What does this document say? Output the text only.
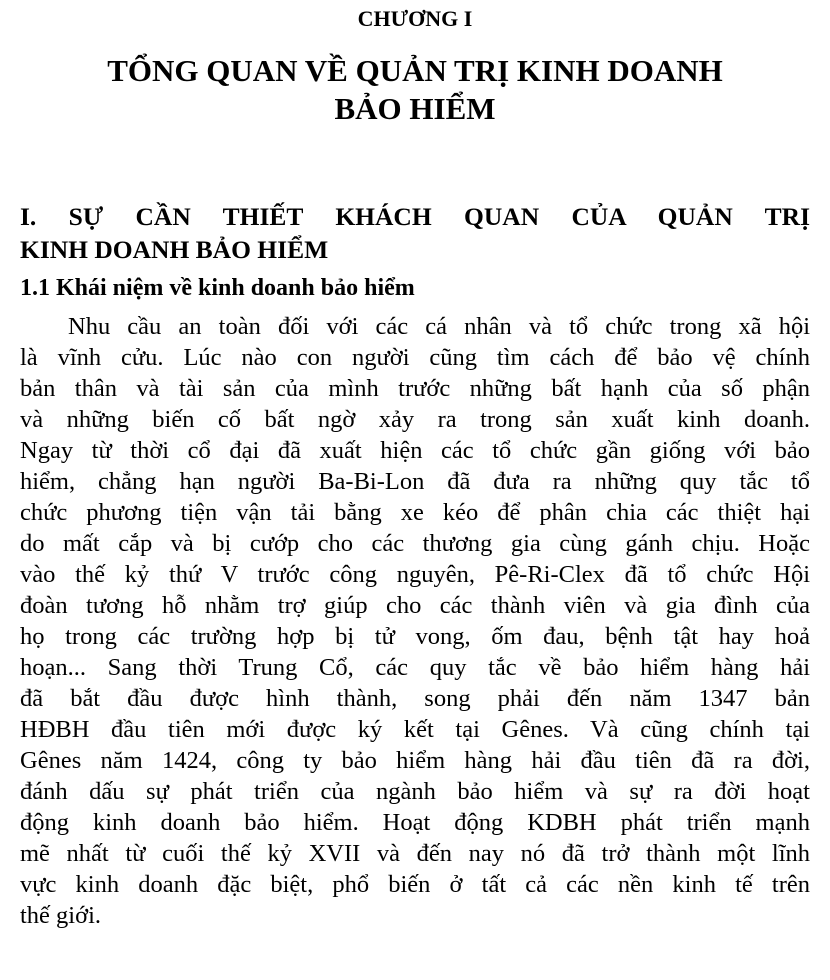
CHƯƠNG I
TỔNG QUAN VỀ QUẢN TRỊ KINH DOANH
BẢO HIỂM
I. SỰ CẦN THIẾT KHÁCH QUAN CỦA QUẢN TRỊ
KINH DOANH BẢO HIỂM
1.1 Khái niệm về kinh doanh bảo hiểm
Nhu cầu an toàn đối với các cá nhân và tổ chức trong xã hội
là vĩnh cửu. Lúc nào con người cũng tìm cách để bảo vệ chính
bản thân và tài sản của mình trước những bất hạnh của số phận
và những biến cố bất ngờ xảy ra trong sản xuất kinh doanh.
Ngay từ thời cổ đại đã xuất hiện các tổ chức gần giống với bảo
hiểm, chẳng hạn người Ba-Bi-Lon đã đưa ra những quy tắc tổ
chức phương tiện vận tải bằng xe kéo để phân chia các thiệt hại
do mất cắp và bị cướp cho các thương gia cùng gánh chịu. Hoặc
vào thế kỷ thứ V trước công nguyên, Pê-Ri-Clex đã tổ chức Hội
đoàn tương hỗ nhằm trợ giúp cho các thành viên và gia đình của
họ trong các trường hợp bị tử vong, ốm đau, bệnh tật hay hoả
hoạn... Sang thời Trung Cổ, các quy tắc về bảo hiểm hàng hải
đã bắt đầu được hình thành, song phải đến năm 1347 bản
HĐBH đầu tiên mới được ký kết tại Gênes. Và cũng chính tại
Gênes năm 1424, công ty bảo hiểm hàng hải đầu tiên đã ra đời,
đánh dấu sự phát triển của ngành bảo hiểm và sự ra đời hoạt
động kinh doanh bảo hiểm. Hoạt động KDBH phát triển mạnh
mẽ nhất từ cuối thế kỷ XVII và đến nay nó đã trở thành một lĩnh
vực kinh doanh đặc biệt, phổ biến ở tất cả các nền kinh tế trên
thế giới.
